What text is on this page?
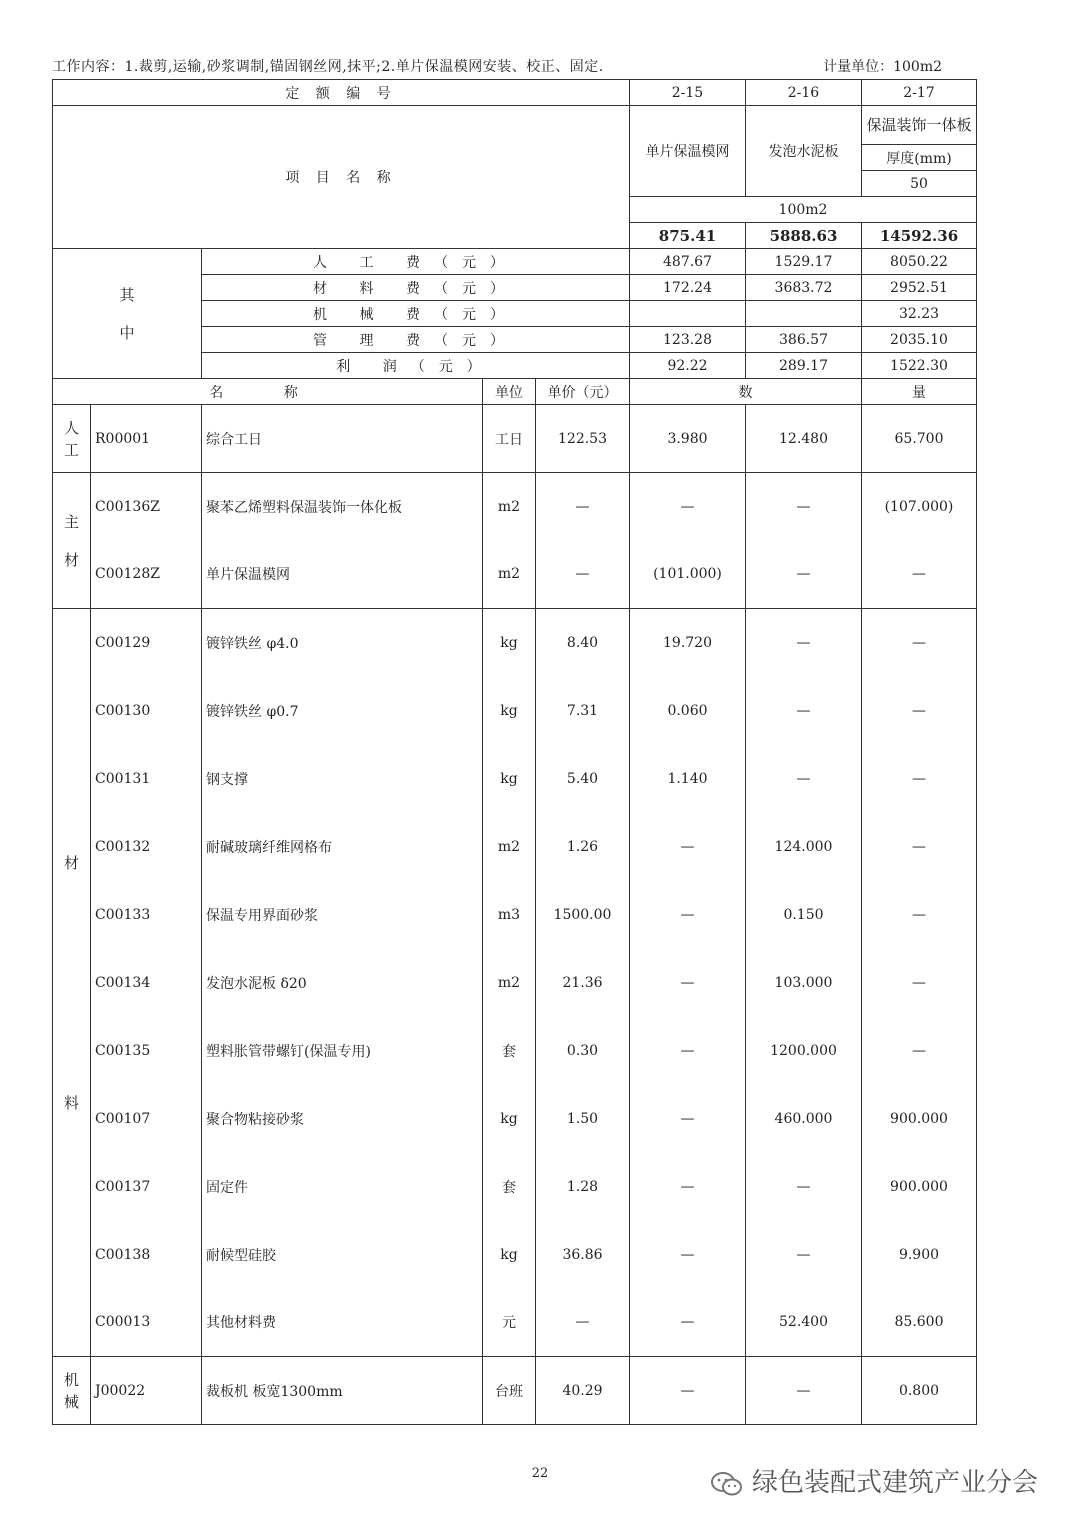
工作内容：1.裁剪,运输,砂浆调制,锚固钢丝网,抹平;2.单片保温模网安装、校正、固定.	计量单位：100m2
定 额 编 号					2-15	2-16	2-17
项 目 名 称					单片保温模网	发泡水泥板	保温装饰一体板
							厚度(mm)
							50
					100m2		
					875.41	5888.63	14592.36
其
中		人 工 费（元）			487.67	1529.17	8050.22
		材 料 费（元）			172.24	3683.72	2952.51
		机 械 费（元）					32.23
		管 理 费（元）			123.28	386.57	2035.10
		利 润（元）			92.22	289.17	1522.30
名 称			单位	单价（元）	数		量
人工	R00001	综合工日	工日	122.53	3.980	12.480	65.700
主材	C00136Z	聚苯乙烯塑料保温装饰一体化板	m2	—	—	—	(107.000)
	C00128Z	单片保温模网	m2	—	(101.000)	—	—
材料	C00129	镀锌铁丝 φ4.0	kg	8.40	19.720	—	—
	C00130	镀锌铁丝 φ0.7	kg	7.31	0.060	—	—
	C00131	钢支撑	kg	5.40	1.140	—	—
	C00132	耐碱玻璃纤维网格布	m2	1.26	—	124.000	—
	C00133	保温专用界面砂浆	m3	1500.00	—	0.150	—
	C00134	发泡水泥板 δ20	m2	21.36	—	103.000	—
	C00135	塑料胀管带螺钉(保温专用)	套	0.30	—	1200.000	—
	C00107	聚合物粘接砂浆	kg	1.50	—	460.000	900.000
	C00137	固定件	套	1.28	—	—	900.000
	C00138	耐候型硅胶	kg	36.86	—	—	9.900
	C00013	其他材料费	元	—	—	52.400	85.600
机械	J00022	裁板机 板宽1300mm	台班	40.29	—	—	0.800
22	绿色装配式建筑产业分会
